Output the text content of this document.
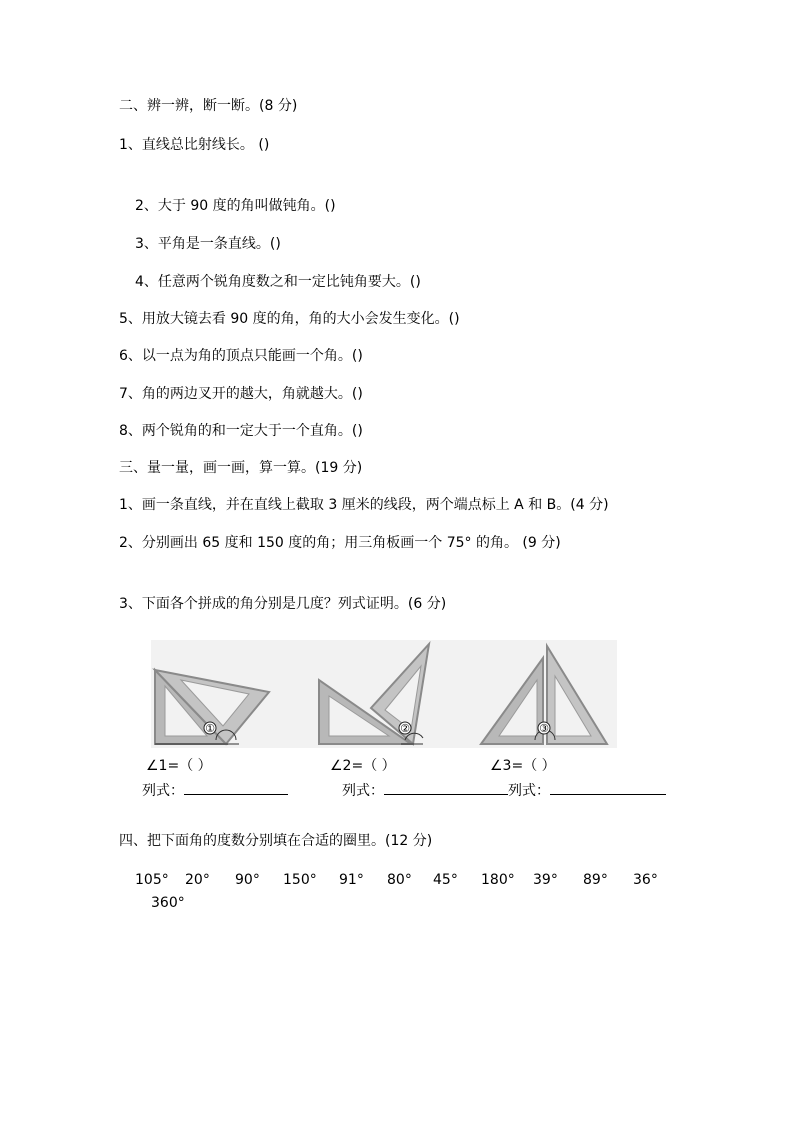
二、辨一辨，断一断。(8 分)
1、直线总比射线长。 ()
2、大于 90 度的角叫做钝角。()
3、平角是一条直线。()
4、任意两个锐角度数之和一定比钝角要大。()
5、用放大镜去看 90 度的角，角的大小会发生变化。()
6、以一点为角的顶点只能画一个角。()
7、角的两边叉开的越大，角就越大。()
8、两个锐角的和一定大于一个直角。()
三、量一量，画一画，算一算。(19 分)
1、画一条直线，并在直线上截取 3 厘米的线段，两个端点标上 A 和 B。(4 分)
2、分别画出 65 度和 150 度的角；用三角板画一个 75° 的角。 (9 分)
3、下面各个拼成的角分别是几度？列式证明。(6 分)
①	②	③
∠1=（ ）	∠2=（ ）	∠3=（ ）
列式：	列式：	列式：
四、把下面角的度数分别填在合适的圈里。(12 分)
105° 20° 90° 150° 91° 80° 45° 180° 39° 89° 36°
360°
